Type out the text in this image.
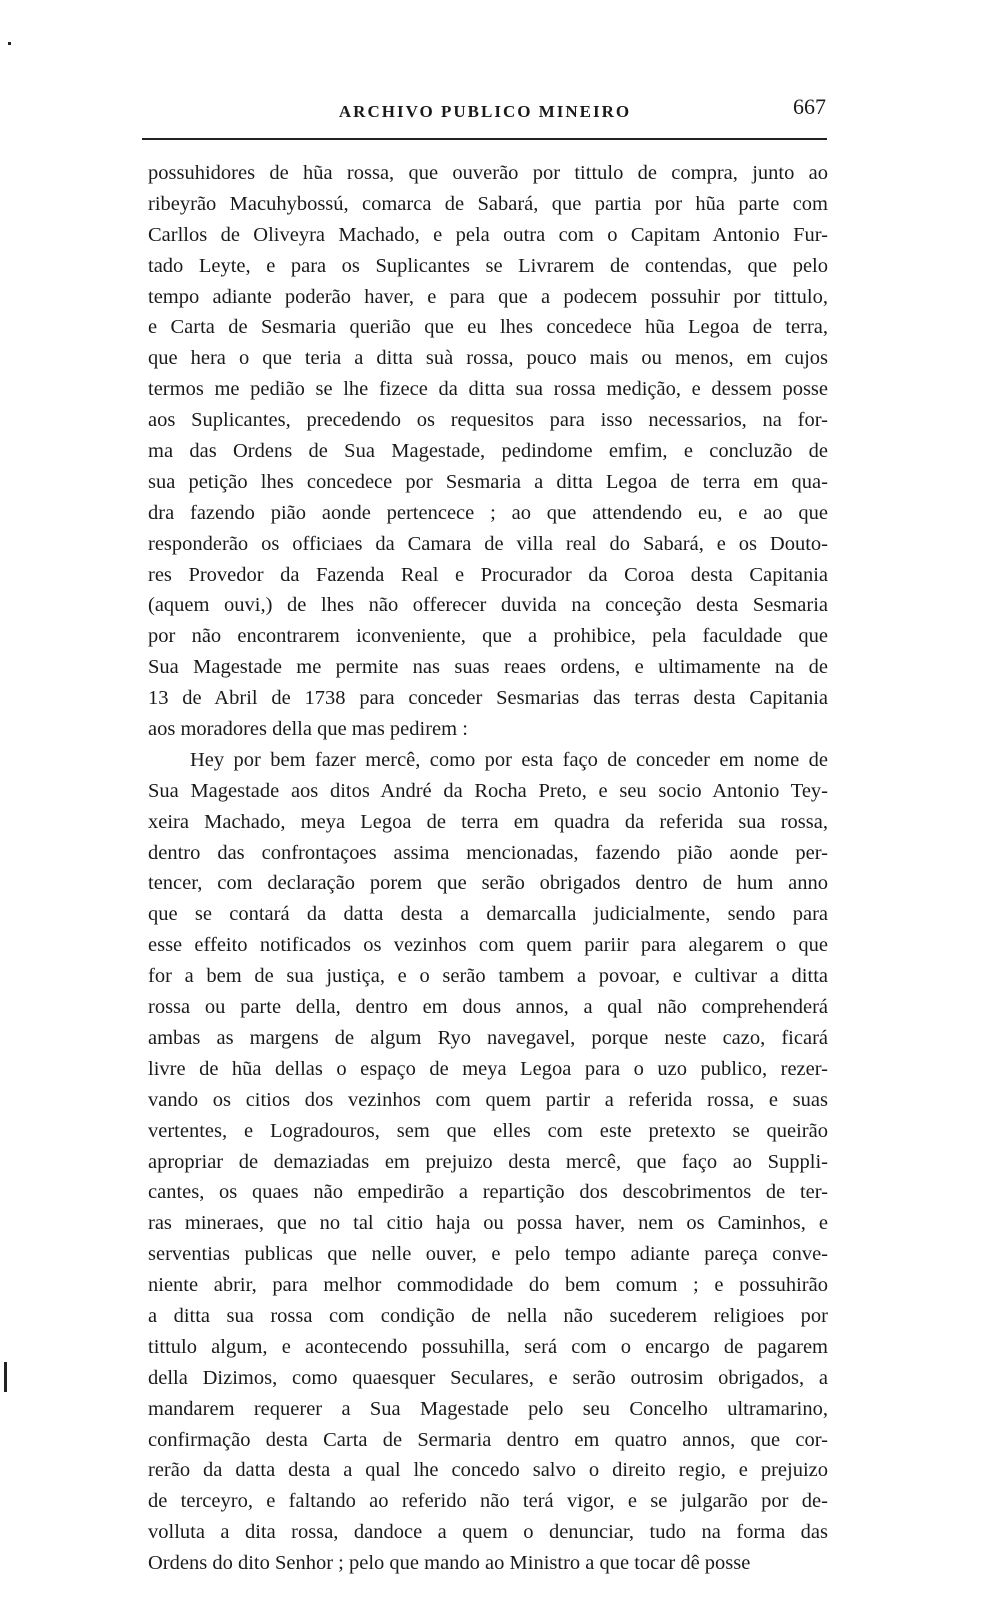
ARCHIVO PUBLICO MINEIRO	667
possuhidores de hũa rossa, que ouverão por tittulo de compra, junto ao
ribeyrão Macuhybossú, comarca de Sabará, que partia por hũa parte com
Carllos de Oliveyra Machado, e pela outra com o Capitam Antonio Fur-
tado Leyte, e para os Suplicantes se Livrarem de contendas, que pelo
tempo adiante poderão haver, e para que a podecem possuhir por tittulo,
e Carta de Sesmaria querião que eu lhes concedece hũa Legoa de terra,
que hera o que teria a ditta suà rossa, pouco mais ou menos, em cujos
termos me pedião se lhe fizece da ditta sua rossa medição, e dessem posse
aos Suplicantes, precedendo os requesitos para isso necessarios, na for-
ma das Ordens de Sua Magestade, pedindome emfim, e concluzão de
sua petição lhes concedece por Sesmaria a ditta Legoa de terra em qua-
dra fazendo pião aonde pertencece ; ao que attendendo eu, e ao que
responderão os officiaes da Camara de villa real do Sabará, e os Douto-
res Provedor da Fazenda Real e Procurador da Coroa desta Capitania
(aquem ouvi,) de lhes não offerecer duvida na conceção desta Sesmaria
por não encontrarem iconveniente, que a prohibice, pela faculdade que
Sua Magestade me permite nas suas reaes ordens, e ultimamente na de
13 de Abril de 1738 para conceder Sesmarias das terras desta Capitania
aos moradores della que mas pedirem :
Hey por bem fazer mercê, como por esta faço de conceder em nome de
Sua Magestade aos ditos André da Rocha Preto, e seu socio Antonio Tey-
xeira Machado, meya Legoa de terra em quadra da referida sua rossa,
dentro das confrontaçoes assima mencionadas, fazendo pião aonde per-
tencer, com declaração porem que serão obrigados dentro de hum anno
que se contará da datta desta a demarcalla judicialmente, sendo para
esse effeito notificados os vezinhos com quem pariir para alegarem o que
for a bem de sua justiça, e o serão tambem a povoar, e cultivar a ditta
rossa ou parte della, dentro em dous annos, a qual não comprehenderá
ambas as margens de algum Ryo navegavel, porque neste cazo, ficará
livre de hũa dellas o espaço de meya Legoa para o uzo publico, rezer-
vando os citios dos vezinhos com quem partir a referida rossa, e suas
vertentes, e Logradouros, sem que elles com este pretexto se queirão
apropriar de demaziadas em prejuizo desta mercê, que faço ao Suppli-
cantes, os quaes não empedirão a repartição dos descobrimentos de ter-
ras mineraes, que no tal citio haja ou possa haver, nem os Caminhos, e
serventias publicas que nelle ouver, e pelo tempo adiante pareça conve-
niente abrir, para melhor commodidade do bem comum ; e possuhirão
a ditta sua rossa com condição de nella não sucederem religioes por
tittulo algum, e acontecendo possuhilla, será com o encargo de pagarem
della Dizimos, como quaesquer Seculares, e serão outrosim obrigados, a
mandarem requerer a Sua Magestade pelo seu Concelho ultramarino,
confirmação desta Carta de Sermaria dentro em quatro annos, que cor-
rerão da datta desta a qual lhe concedo salvo o direito regio, e prejuizo
de terceyro, e faltando ao referido não terá vigor, e se julgarão por de-
volluta a dita rossa, dandoce a quem o denunciar, tudo na forma das
Ordens do dito Senhor ; pelo que mando ao Ministro a que tocar dê posse
